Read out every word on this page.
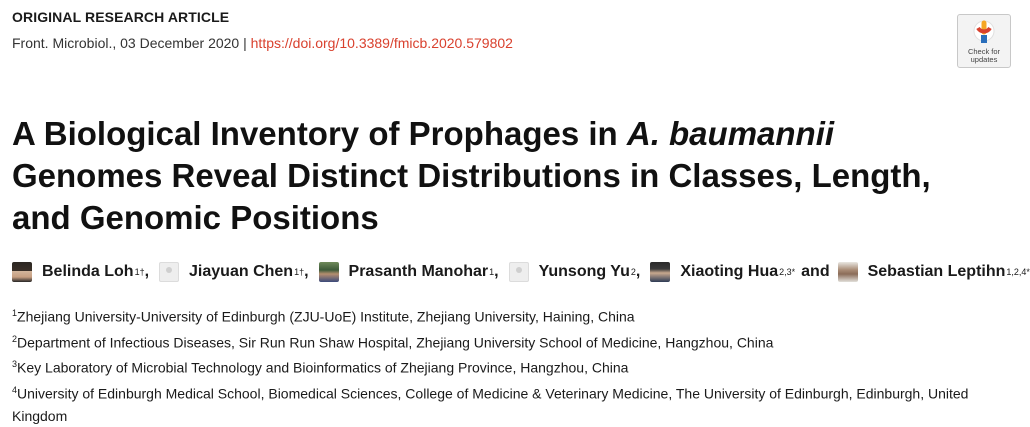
ORIGINAL RESEARCH ARTICLE
Front. Microbiol., 03 December 2020 | https://doi.org/10.3389/fmicb.2020.579802
Check for
updates
A Biological Inventory of Prophages in A. baumannii
Genomes Reveal Distinct Distributions in Classes, Length,
and Genomic Positions
Belinda Loh 1† ,	Jiayuan Chen 1† ,	Prasanth Manohar 1 ,	Yunsong Yu 2 ,	Xiaoting Hua 2,3* and Sebastian Leptihn 1,2,4*
$^1$Zhejiang University-University of Edinburgh (ZJU-UoE) Institute, Zhejiang University, Haining, China
$^2$Department of Infectious Diseases, Sir Run Run Shaw Hospital, Zhejiang University School of Medicine, Hangzhou, China
$^3$Key Laboratory of Microbial Technology and Bioinformatics of Zhejiang Province, Hangzhou, China
$^4$University of Edinburgh Medical School, Biomedical Sciences, College of Medicine & Veterinary Medicine, The University of Edinburgh, Edinburgh, United Kingdom
